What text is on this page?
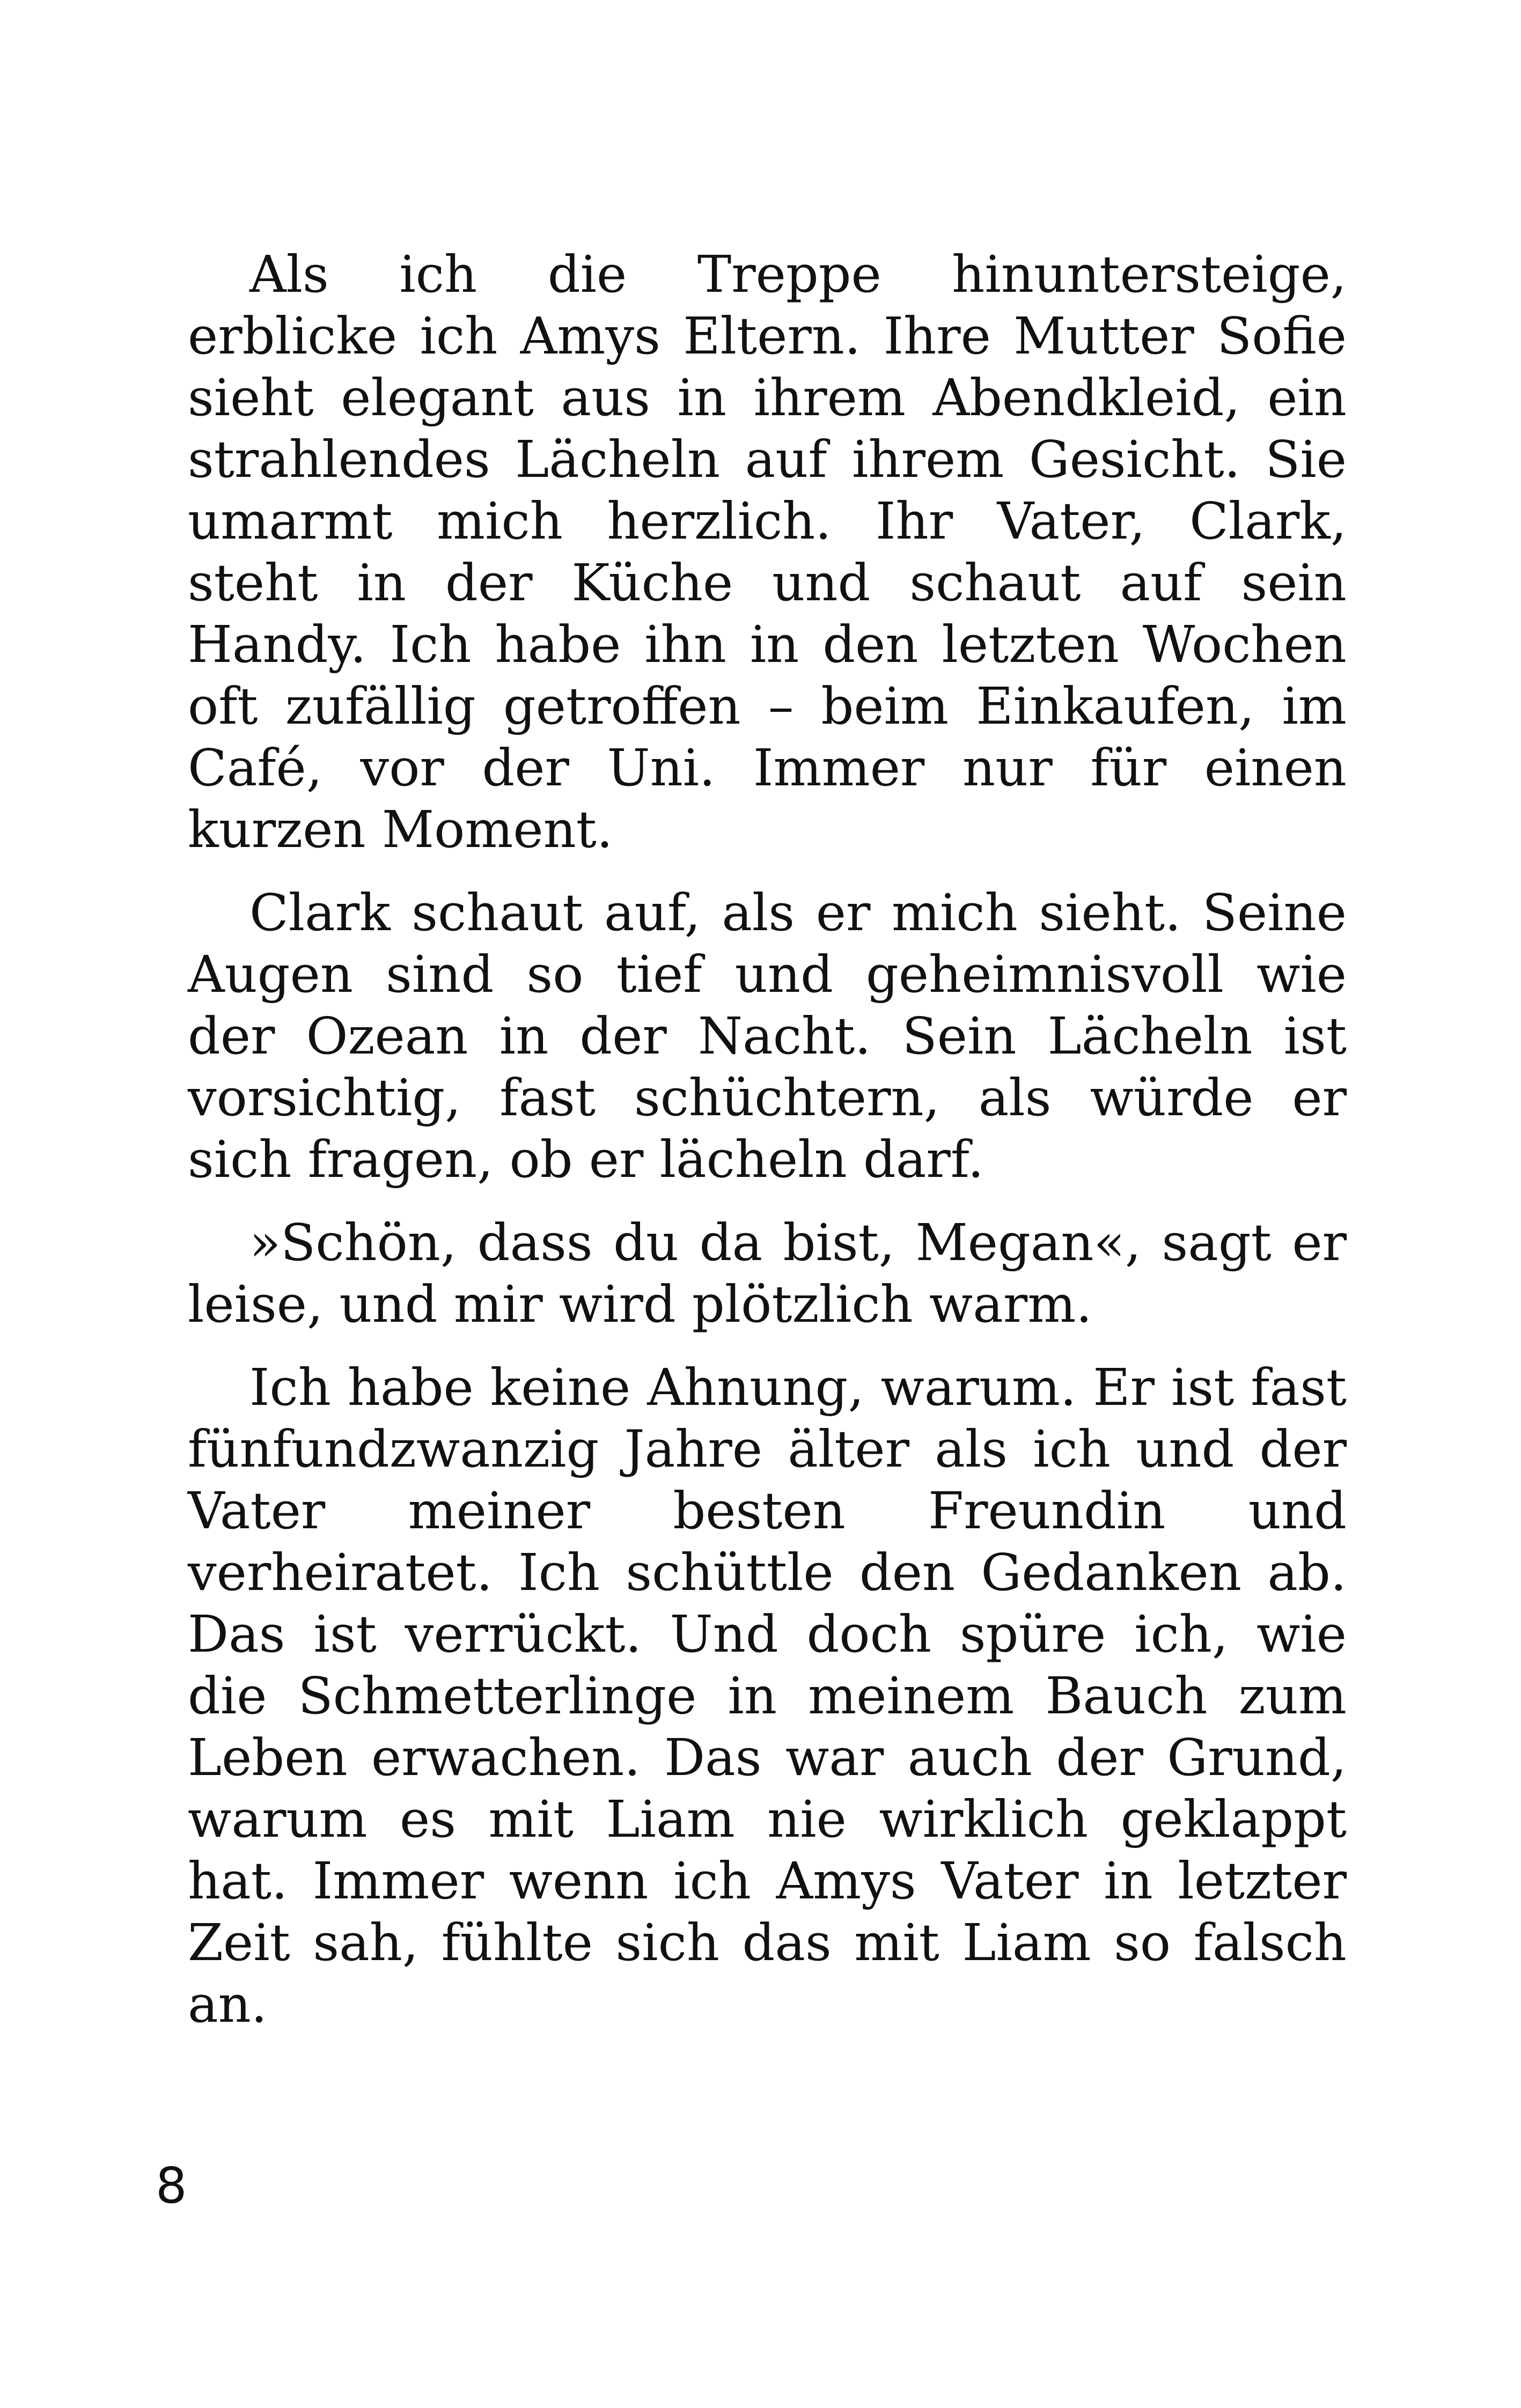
Als ich die Treppe hinuntersteige, erblicke ich Amys Eltern. Ihre Mutter Sofie sieht elegant aus in ihrem Abendkleid, ein strahlendes Lächeln auf ihrem Gesicht. Sie umarmt mich herzlich. Ihr Vater, Clark, steht in der Küche und schaut auf sein Handy. Ich habe ihn in den letzten Wochen oft zufällig getroffen – beim Einkaufen, im Café, vor der Uni. Immer nur für einen kurzen Moment.

Clark schaut auf, als er mich sieht. Seine Augen sind so tief und geheimnisvoll wie der Ozean in der Nacht. Sein Lächeln ist vorsichtig, fast schüchtern, als würde er sich fragen, ob er lächeln darf.

»Schön, dass du da bist, Megan«, sagt er leise, und mir wird plötzlich warm.

Ich habe keine Ahnung, warum. Er ist fast fünfundzwanzig Jahre älter als ich und der Vater meiner besten Freundin und verheiratet. Ich schüttle den Gedanken ab. Das ist verrückt. Und doch spüre ich, wie die Schmetterlinge in meinem Bauch zum Leben erwachen. Das war auch der Grund, warum es mit Liam nie wirklich geklappt hat. Immer wenn ich Amys Vater in letzter Zeit sah, fühlte sich das mit Liam so falsch an.

8
